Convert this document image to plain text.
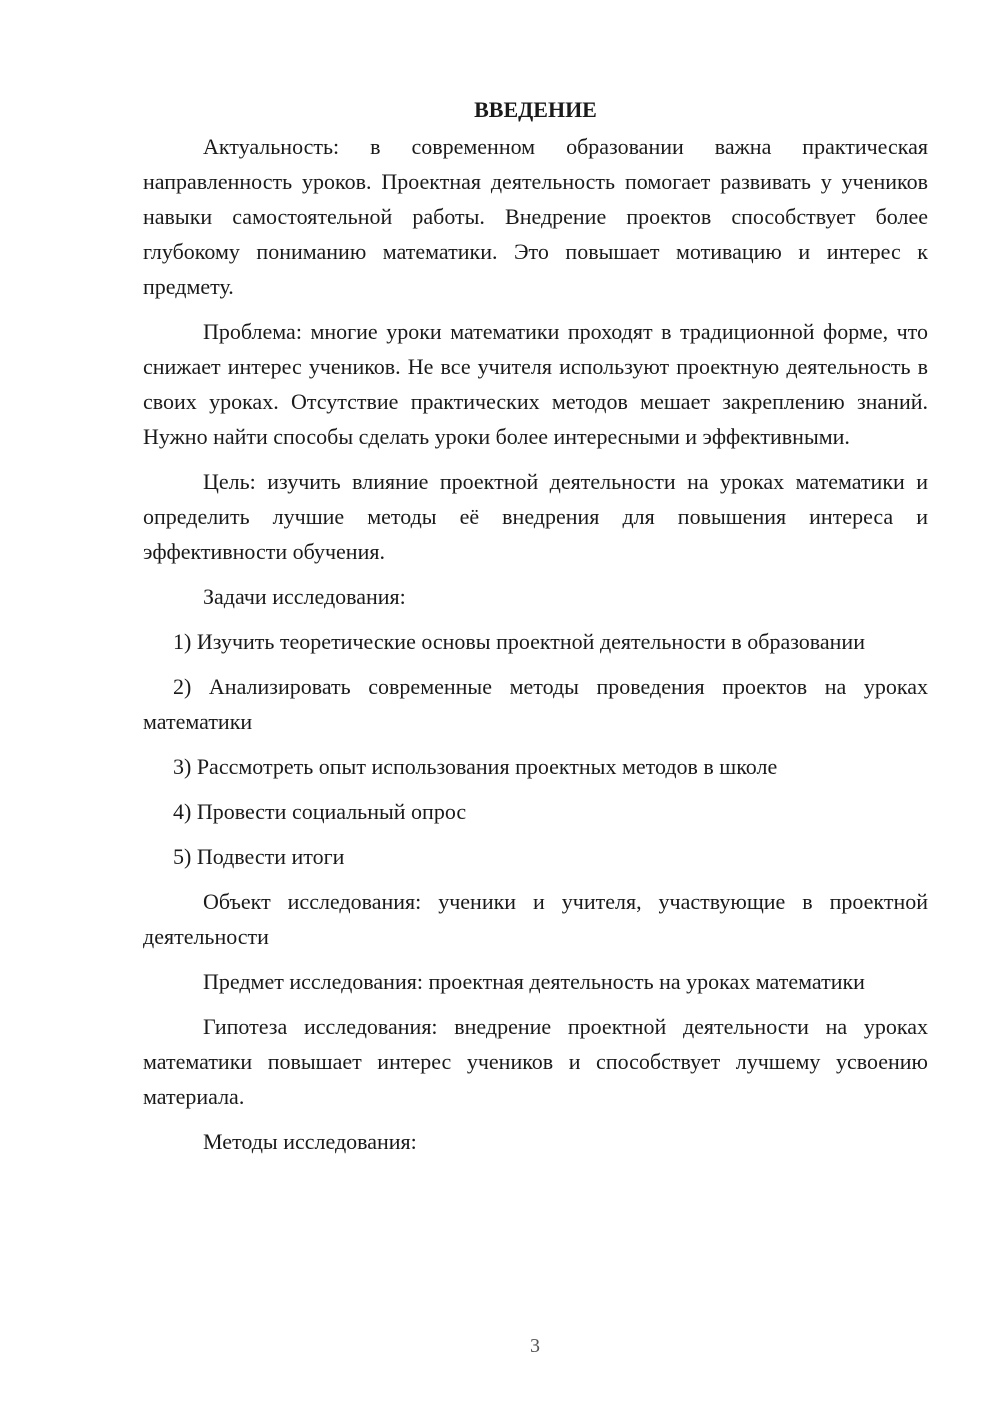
ВВЕДЕНИЕ

Актуальность: в современном образовании важна практическая направленность уроков. Проектная деятельность помогает развивать у учеников навыки самостоятельной работы. Внедрение проектов способствует более глубокому пониманию математики. Это повышает мотивацию и интерес к предмету.

Проблема: многие уроки математики проходят в традиционной форме, что снижает интерес учеников. Не все учителя используют проектную деятельность в своих уроках. Отсутствие практических методов мешает закреплению знаний. Нужно найти способы сделать уроки более интересными и эффективными.

Цель: изучить влияние проектной деятельности на уроках математики и определить лучшие методы её внедрения для повышения интереса и эффективности обучения.

Задачи исследования:

1) Изучить теоретические основы проектной деятельности в образовании

2) Анализировать современные методы проведения проектов на уроках математики

3) Рассмотреть опыт использования проектных методов в школе

4) Провести социальный опрос

5) Подвести итоги

Объект исследования: ученики и учителя, участвующие в проектной деятельности

Предмет исследования: проектная деятельность на уроках математики

Гипотеза исследования: внедрение проектной деятельности на уроках математики повышает интерес учеников и способствует лучшему усвоению материала.

Методы исследования:

3
